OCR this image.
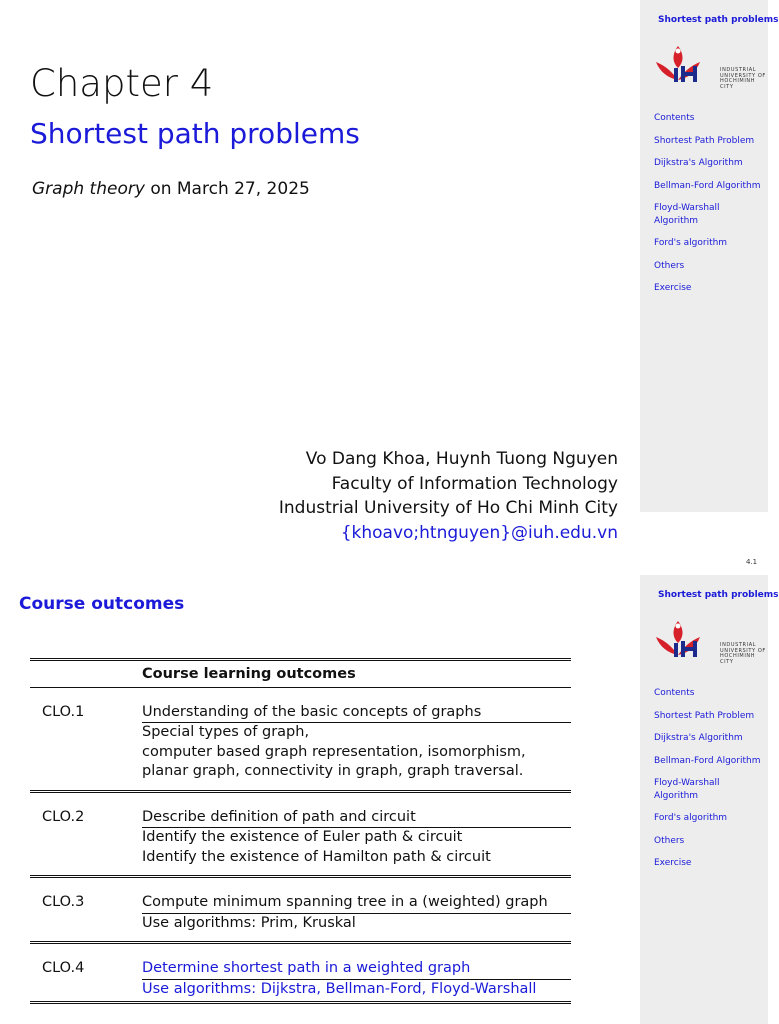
Chapter 4
Shortest path problems
Graph theory on March 27, 2025
Vo Dang Khoa, Huynh Tuong Nguyen
Faculty of Information Technology
Industrial University of Ho Chi Minh City
{khoavo;htnguyen}@iuh.edu.vn
Shortest path problems
INDUSTRIAL
UNIVERSITY OF
HOCHIMINH CITY
Contents
Shortest Path Problem
Dijkstra's Algorithm
Bellman-Ford Algorithm
Floyd-Warshall Algorithm
Ford's algorithm
Others
Exercise
4.1
Course outcomes
	Course learning outcomes
CLO.1	Understanding of the basic concepts of graphs
	Special types of graph,
	computer based graph representation, isomorphism,
	planar graph, connectivity in graph, graph traversal.
CLO.2	Describe definition of path and circuit
	Identify the existence of Euler path & circuit
	Identify the existence of Hamilton path & circuit
CLO.3	Compute minimum spanning tree in a (weighted) graph
	Use algorithms: Prim, Kruskal
CLO.4	Determine shortest path in a weighted graph
	Use algorithms: Dijkstra, Bellman-Ford, Floyd-Warshall
Shortest path problems
INDUSTRIAL
UNIVERSITY OF
HOCHIMINH CITY
Contents
Shortest Path Problem
Dijkstra's Algorithm
Bellman-Ford Algorithm
Floyd-Warshall Algorithm
Ford's algorithm
Others
Exercise
